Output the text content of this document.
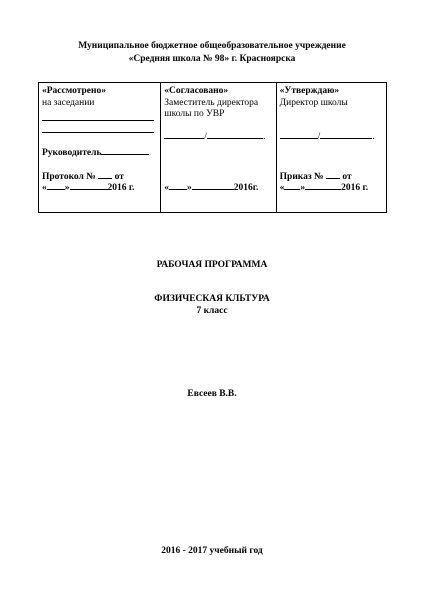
Муниципальное бюджетное общеобразовательное учреждение
«Средняя школа № 98» г. Красноярска
«Рассмотрено»
на заседании
Руководитель
Протокол № от
« »	2016 г.
«Согласовано»
Заместитель директора
школы по УВР
/	.
« »	2016г.
«Утверждаю»
Директор школы
/	.
Приказ № от
« »	2016 г.
РАБОЧАЯ ПРОГРАММА
ФИЗИЧЕСКАЯ КЛЬТУРА
7 класс
Евсеев В.В.
2016 - 2017 учебный год
